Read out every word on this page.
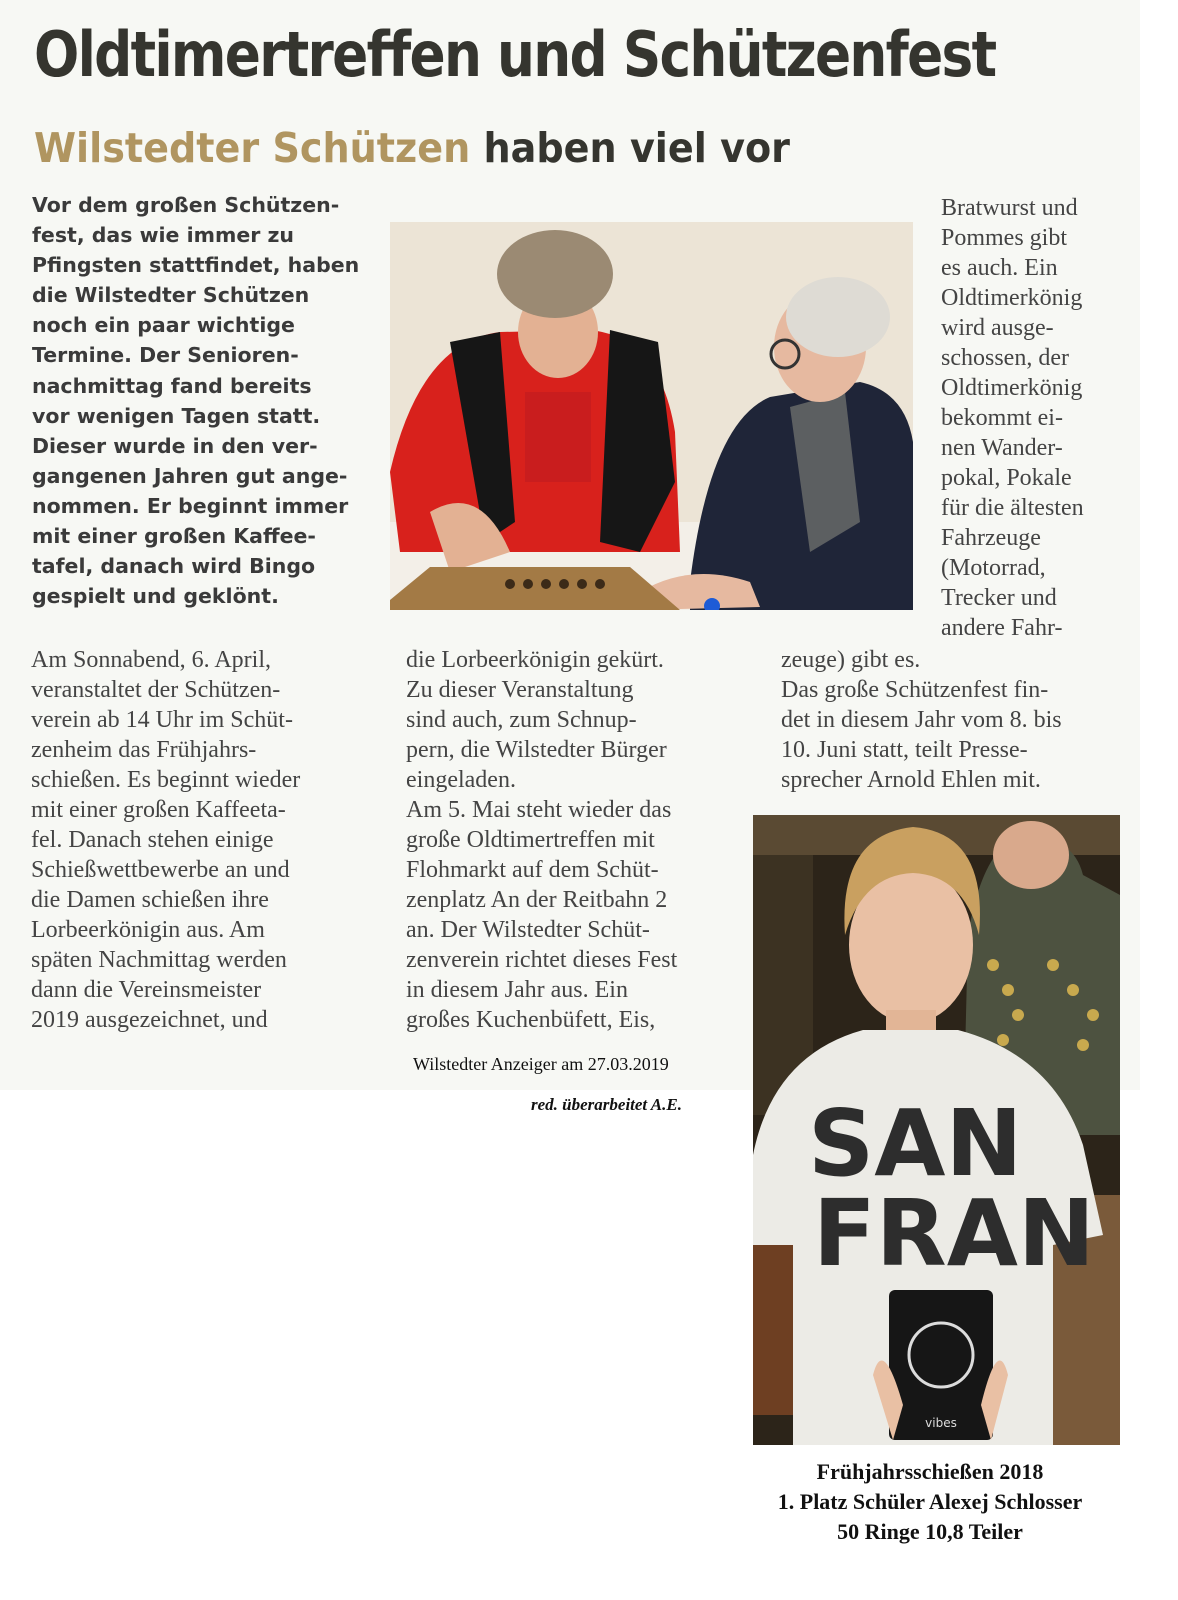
Oldtimertreffen und Schützenfest
Wilstedter Schützen haben viel vor

Vor dem großen Schützen-
fest, das wie immer zu
Pfingsten stattfindet, haben
die Wilstedter Schützen
noch ein paar wichtige
Termine. Der Senioren-
nachmittag fand bereits
vor wenigen Tagen statt.
Dieser wurde in den ver-
gangenen Jahren gut ange-
nommen. Er beginnt immer
mit einer großen Kaffee-
tafel, danach wird Bingo
gespielt und geklönt.

Bratwurst und
Pommes gibt
es auch. Ein
Oldtimerkönig
wird ausge-
schossen, der
Oldtimerkönig
bekommt ei-
nen Wander-
pokal, Pokale
für die ältesten
Fahrzeuge
(Motorrad,
Trecker und
andere Fahr-

Am Sonnabend, 6. April,
veranstaltet der Schützen-
verein ab 14 Uhr im Schüt-
zenheim das Frühjahrs-
schießen. Es beginnt wieder
mit einer großen Kaffeeta-
fel. Danach stehen einige
Schießwettbewerbe an und
die Damen schießen ihre
Lorbeerkönigin aus. Am
späten Nachmittag werden
dann die Vereinsmeister
2019 ausgezeichnet, und

die Lorbeerkönigin gekürt.
Zu dieser Veranstaltung
sind auch, zum Schnup-
pern, die Wilstedter Bürger
eingeladen.
Am 5. Mai steht wieder das
große Oldtimertreffen mit
Flohmarkt auf dem Schüt-
zenplatz An der Reitbahn 2
an. Der Wilstedter Schüt-
zenverein richtet dieses Fest
in diesem Jahr aus. Ein
großes Kuchenbüfett, Eis,

zeuge) gibt es.
Das große Schützenfest fin-
det in diesem Jahr vom 8. bis
10. Juni statt, teilt Presse-
sprecher Arnold Ehlen mit.

Wilstedter Anzeiger am 27.03.2019

red. überarbeitet A.E. SAN
FRAN
vibes

Frühjahrsschießen 2018
1. Platz Schüler Alexej Schlosser
50 Ringe 10,8 Teiler
